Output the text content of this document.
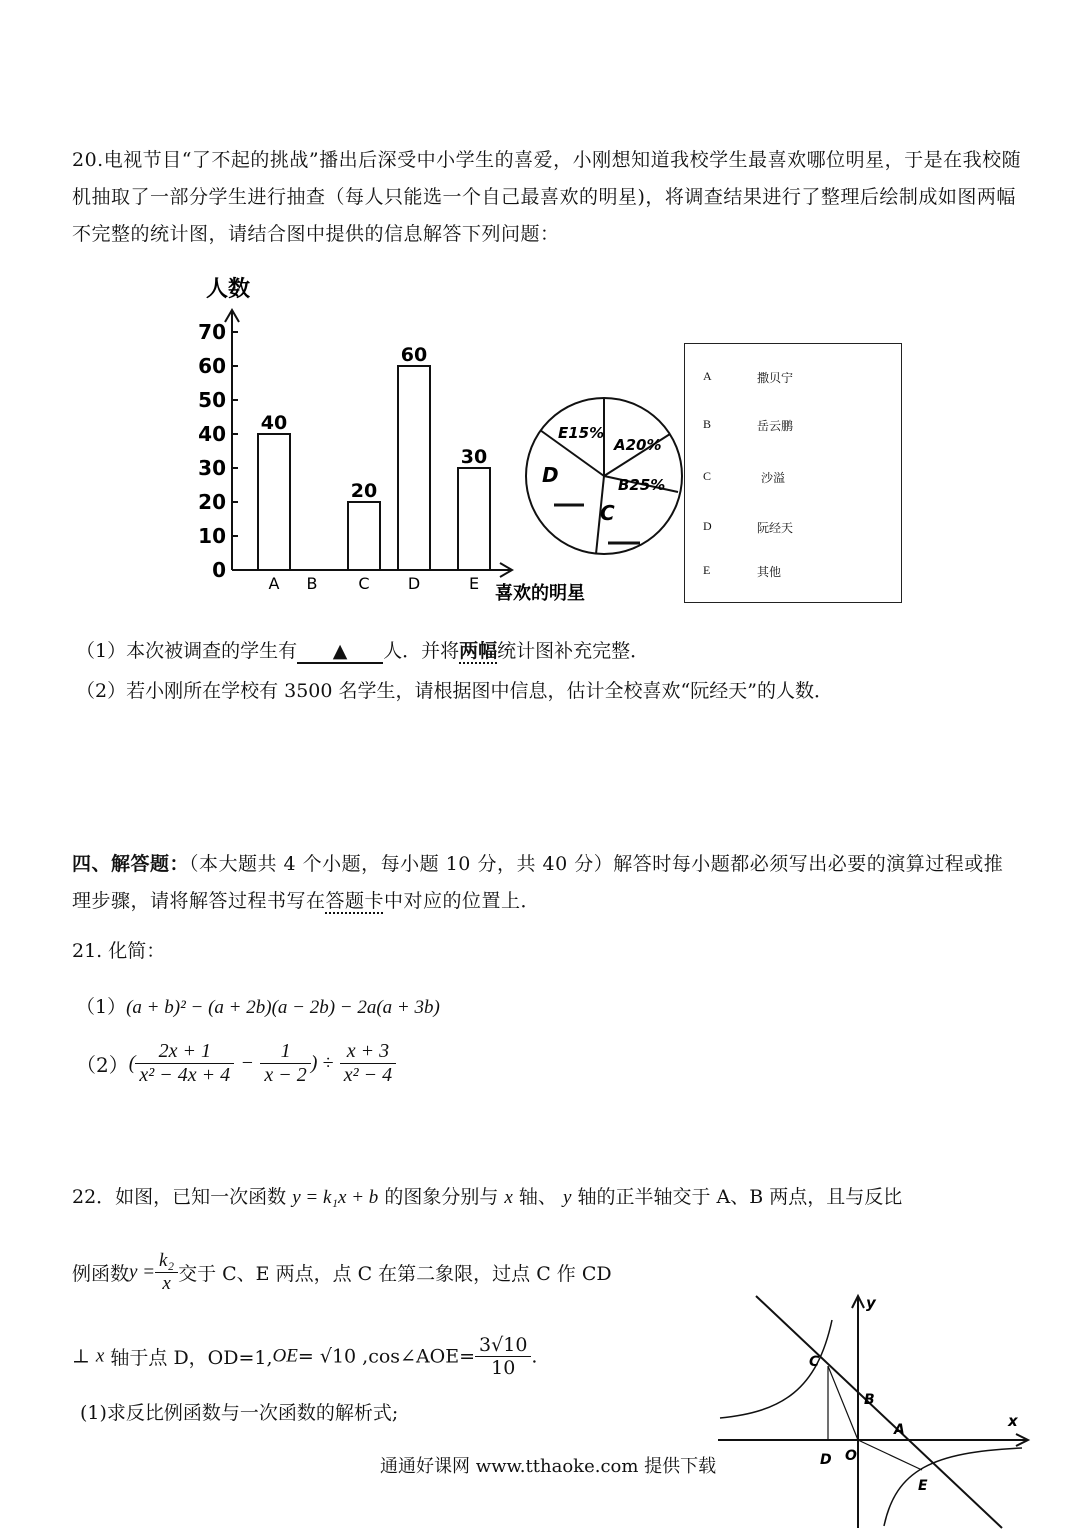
20.电视节目“了不起的挑战”播出后深受中小学生的喜爱，小刚想知道我校学生最喜欢哪位明星，于是在我校随机抽取了一部分学生进行抽查（每人只能选一个自己最喜欢的明星)，将调查结果进行了整理后绘制成如图两幅不完整的统计图，请结合图中提供的信息解答下列问题：
人数
喜欢的明星
0
10
20
30
40
50
60
70
40
A B
20
C
60
D
30
E
E15%
A20%
B25%
C
D
A	撒贝宁
B	岳云鹏
C	沙溢
D	阮经天
E	其他
（1）本次被调查的学生有 ▲ 人．并将两幅统计图补充完整．
（2）若小刚所在学校有 3500 名学生，请根据图中信息，估计全校喜欢“阮经天”的人数．
四、解答题：（本大题共 4 个小题，每小题 10 分，共 40 分）解答时每小题都必须写出必要的演算过程或推理步骤，请将解答过程书写在答题卡中对应的位置上．
21. 化简：
（1）(a + b)² − (a + 2b)(a − 2b) − 2a(a + 3b)
$(2)( \frac{2x + 1}{\text{x² − 4x + 4}} - \frac{1}{x - 2}$ ) ÷ $\frac{x + 3}{\text{x² − 4}}$
22．如图，已知一次函数 y = k₁x + b 的图象分别与 x 轴、 y 轴的正半轴交于 A、B 两点，且与反比
例函数$y = \frac{\text{k₂}}{x}$ 交于 C、E 两点，点 C 在第二象限，过点 C 作 CD
⊥ x 轴于点 D，OD=1,OE= √10 ,cos∠AOE= $\frac{3√10}{10}$ .
(1)求反比例函数与一次函数的解析式;
y
x
C
B
A
D O
E
通通好课网 www.tthaoke.com 提供下载
